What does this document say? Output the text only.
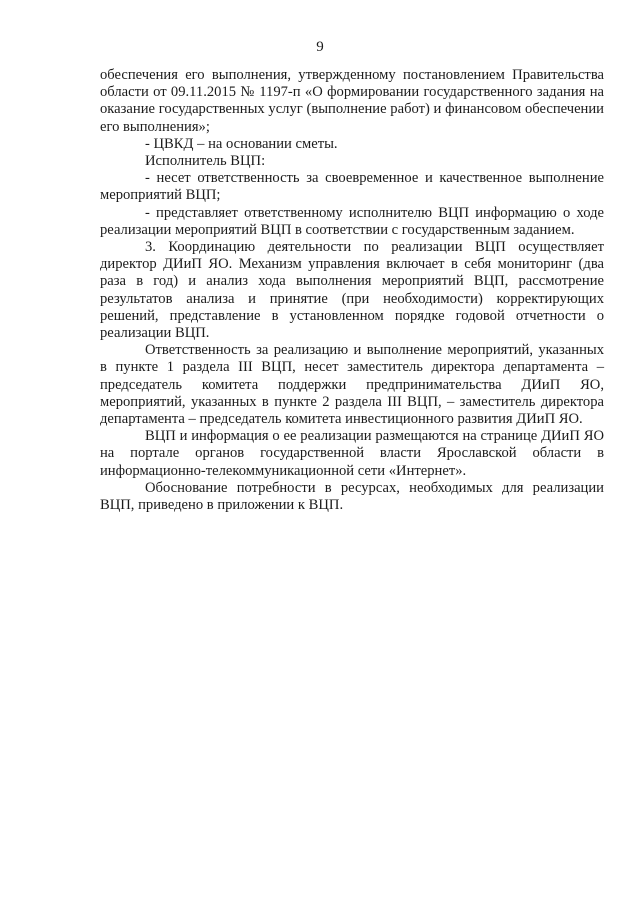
9

обеспечения его выполнения, утвержденному постановлением Правительства области от 09.11.2015 № 1197-п «О формировании государственного задания на оказание государственных услуг (выполнение работ) и финансовом обеспечении его выполнения»;

- ЦВКД – на основании сметы.

Исполнитель ВЦП:

- несет ответственность за своевременное и качественное выполнение мероприятий ВЦП;

- представляет ответственному исполнителю ВЦП информацию о ходе реализации мероприятий ВЦП в соответствии с государственным заданием.

3. Координацию деятельности по реализации ВЦП осуществляет директор ДИиП ЯО. Механизм управления включает в себя мониторинг (два раза в год) и анализ хода выполнения мероприятий ВЦП, рассмотрение результатов анализа и принятие (при необходимости) корректирующих решений, представление в установленном порядке годовой отчетности о реализации ВЦП.

Ответственность за реализацию и выполнение мероприятий, указанных в пункте 1 раздела III ВЦП, несет заместитель директора департамента – председатель комитета поддержки предпринимательства ДИиП ЯО, мероприятий, указанных в пункте 2 раздела III ВЦП, – заместитель директора департамента – председатель комитета инвестиционного развития ДИиП ЯО.

ВЦП и информация о ее реализации размещаются на странице ДИиП ЯО на портале органов государственной власти Ярославской области в информационно-телекоммуникационной сети «Интернет».

Обоснование потребности в ресурсах, необходимых для реализации ВЦП, приведено в приложении к ВЦП.
